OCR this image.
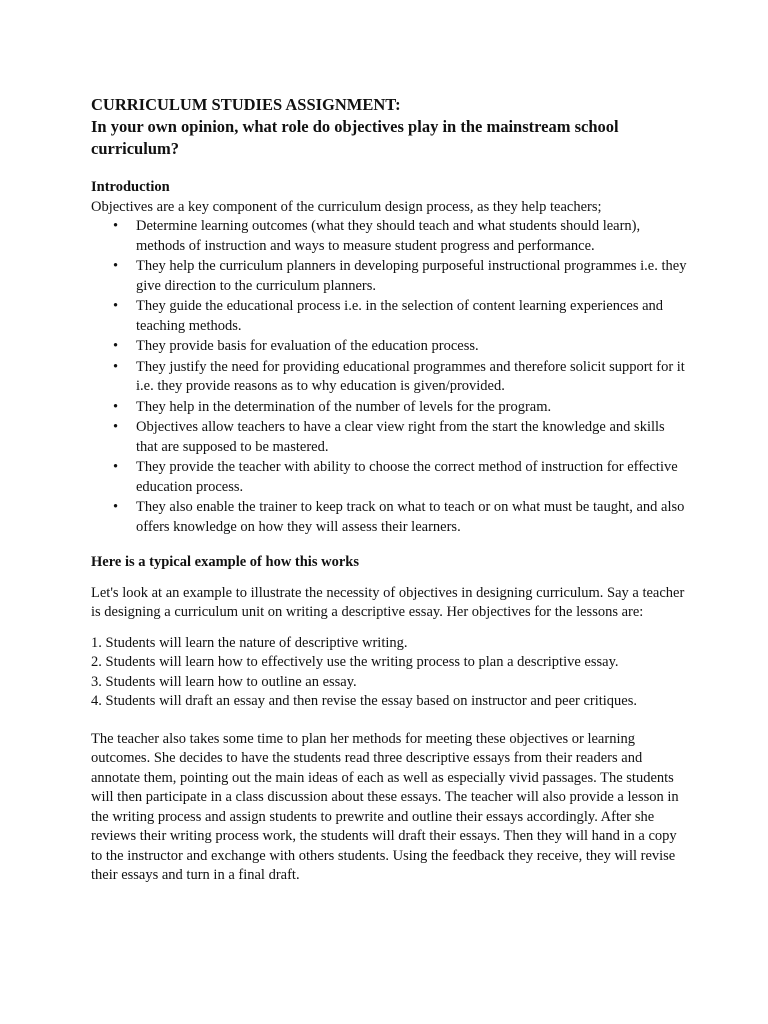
CURRICULUM STUDIES ASSIGNMENT:
In your own opinion, what role do objectives play in the mainstream school curriculum?
Introduction

Objectives are a key component of the curriculum design process, as they help teachers;

• Determine learning outcomes (what they should teach and what students should learn), methods of instruction and ways to measure student progress and performance.
• They help the curriculum planners in developing purposeful instructional programmes i.e. they give direction to the curriculum planners.
• They guide the educational process i.e. in the selection of content learning experiences and teaching methods.
• They provide basis for evaluation of the education process.
• They justify the need for providing educational programmes and therefore solicit support for it i.e. they provide reasons as to why education is given/provided.
• They help in the determination of the number of levels for the program.
• Objectives allow teachers to have a clear view right from the start the knowledge and skills that are supposed to be mastered.
• They provide the teacher with ability to choose the correct method of instruction for effective education process.
• They also enable the trainer to keep track on what to teach or on what must be taught, and also offers knowledge on how they will assess their learners.
Here is a typical example of how this works

Let's look at an example to illustrate the necessity of objectives in designing curriculum. Say a teacher is designing a curriculum unit on writing a descriptive essay. Her objectives for the lessons are:

1. Students will learn the nature of descriptive writing.
2. Students will learn how to effectively use the writing process to plan a descriptive essay.
3. Students will learn how to outline an essay.
4. Students will draft an essay and then revise the essay based on instructor and peer critiques.

The teacher also takes some time to plan her methods for meeting these objectives or learning outcomes. She decides to have the students read three descriptive essays from their readers and annotate them, pointing out the main ideas of each as well as especially vivid passages. The students will then participate in a class discussion about these essays. The teacher will also provide a lesson in the writing process and assign students to prewrite and outline their essays accordingly. After she reviews their writing process work, the students will draft their essays. Then they will hand in a copy to the instructor and exchange with others students. Using the feedback they receive, they will revise their essays and turn in a final draft.
